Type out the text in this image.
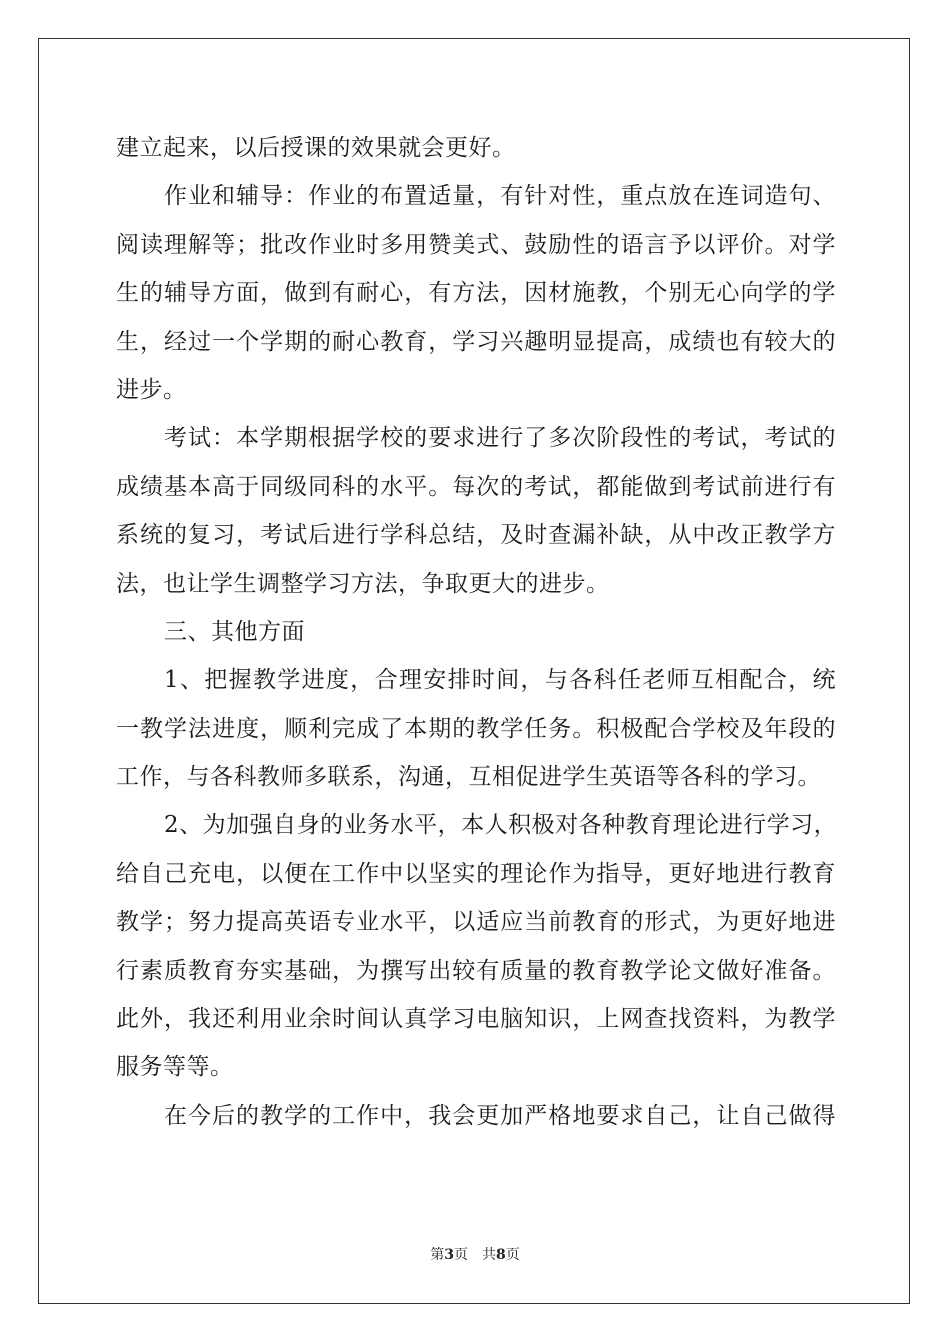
建立起来，以后授课的效果就会更好。
作业和辅导：作业的布置适量，有针对性，重点放在连词造句、
阅读理解等；批改作业时多用赞美式、鼓励性的语言予以评价。对学
生的辅导方面，做到有耐心，有方法，因材施教，个别无心向学的学
生，经过一个学期的耐心教育，学习兴趣明显提高，成绩也有较大的
进步。
考试：本学期根据学校的要求进行了多次阶段性的考试，考试的
成绩基本高于同级同科的水平。每次的考试，都能做到考试前进行有
系统的复习，考试后进行学科总结，及时查漏补缺，从中改正教学方
法，也让学生调整学习方法，争取更大的进步。
三、其他方面
1、把握教学进度，合理安排时间，与各科任老师互相配合，统
一教学法进度，顺利完成了本期的教学任务。积极配合学校及年段的
工作，与各科教师多联系，沟通，互相促进学生英语等各科的学习。
2、为加强自身的业务水平，本人积极对各种教育理论进行学习，
给自己充电，以便在工作中以坚实的理论作为指导，更好地进行教育
教学；努力提高英语专业水平，以适应当前教育的形式，为更好地进
行素质教育夯实基础，为撰写出较有质量的教育教学论文做好准备。
此外，我还利用业余时间认真学习电脑知识，上网查找资料，为教学
服务等等。
在今后的教学的工作中，我会更加严格地要求自己，让自己做得
第3页　共8页
